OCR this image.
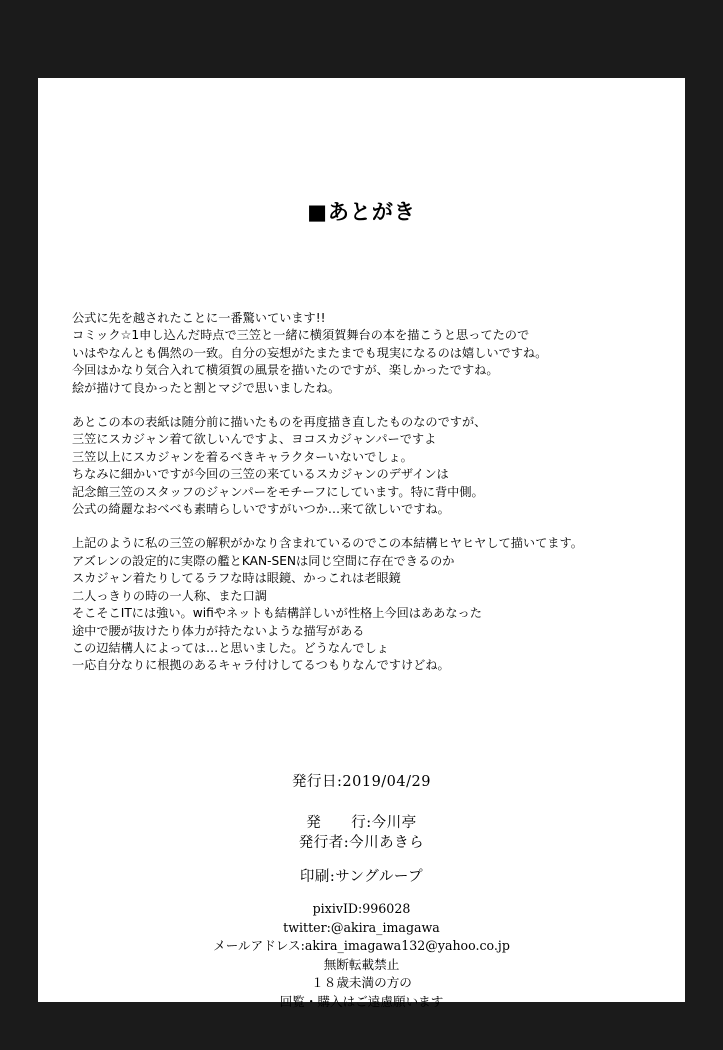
■あとがき
公式に先を越されたことに一番驚いています!!
コミック☆1申し込んだ時点で三笠と一緒に横須賀舞台の本を描こうと思ってたので
いはやなんとも偶然の一致。自分の妄想がたまたまでも現実になるのは嬉しいですね。
今回はかなり気合入れて横須賀の風景を描いたのですが、楽しかったですね。
絵が描けて良かったと割とマジで思いましたね。
あとこの本の表紙は随分前に描いたものを再度描き直したものなのですが、
三笠にスカジャン着て欲しいんですよ、ヨコスカジャンパーですよ
三笠以上にスカジャンを着るべきキャラクターいないでしょ。
ちなみに細かいですが今回の三笠の来ているスカジャンのデザインは
記念館三笠のスタッフのジャンパーをモチーフにしています。特に背中側。
公式の綺麗なおべべも素晴らしいですがいつか…来て欲しいですね。
上記のように私の三笠の解釈がかなり含まれているのでこの本結構ヒヤヒヤして描いてます。
アズレンの設定的に実際の艦とKAN-SENは同じ空間に存在できるのか
スカジャン着たりしてるラフな時は眼鏡、かっこれは老眼鏡
二人っきりの時の一人称、また口調
そこそこITには強い。wifiやネットも結構詳しいが性格上今回はああなった
途中で腰が抜けたり体力が持たないような描写がある
この辺結構人によっては…と思いました。どうなんでしょ
一応自分なりに根拠のあるキャラ付けしてるつもりなんですけどね。
発行日:2019/04/29
発　　行:今川亭
発行者:今川あきら
印刷:サングループ
pixivID:996028
twitter:@akira_imagawa
メールアドレス:akira_imagawa132@yahoo.co.jp
無断転載禁止
１８歳未満の方の
回覧・購入はご遠慮願います
